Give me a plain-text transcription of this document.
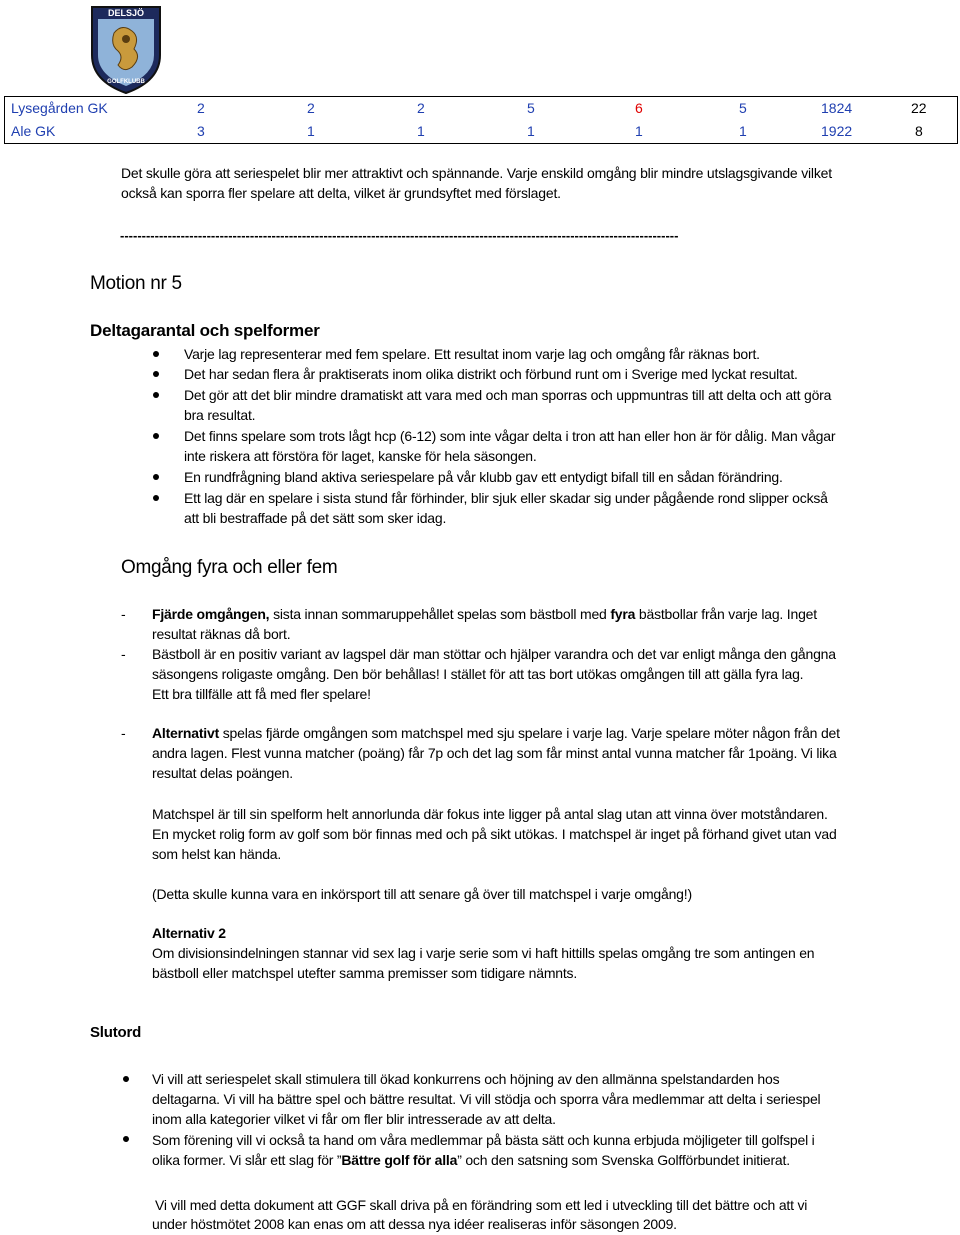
DELSJÖ
GOLFKLUBB
Lysegården GK	2	2	2	5	6	5	1824	22
Ale GK	3	1	1	1	1	1	1922	8
Det skulle göra att seriespelet blir mer attraktivt och spännande. Varje enskild omgång blir mindre utslagsgivande vilket
också kan sporra fler spelare att delta, vilket är grundsyftet med förslaget.
---------------------------------------------------------------------------------------------------------------------------------
Motion nr 5
Deltagarantal och spelformer
Varje lag representerar med fem spelare. Ett resultat inom varje lag och omgång får räknas bort.
Det har sedan flera år praktiserats inom olika distrikt och förbund runt om i Sverige med lyckat resultat.
Det gör att det blir mindre dramatiskt att vara med och man sporras och uppmuntras till att delta och att göra
bra resultat.
Det finns spelare som trots lågt hcp (6-12) som inte vågar delta i tron att han eller hon är för dålig. Man vågar
inte riskera att förstöra för laget, kanske för hela säsongen.
En rundfrågning bland aktiva seriespelare på vår klubb gav ett entydigt bifall till en sådan förändring.
Ett lag där en spelare i sista stund får förhinder, blir sjuk eller skadar sig under pågående rond slipper också
att bli bestraffade på det sätt som sker idag.
Omgång fyra och eller fem
- Fjärde omgången, sista innan sommaruppehållet spelas som bästboll med fyra bästbollar från varje lag. Inget
resultat räknas då bort.
- Bästboll är en positiv variant av lagspel där man stöttar och hjälper varandra och det var enligt många den gångna
säsongens roligaste omgång. Den bör behållas! I stället för att tas bort utökas omgången till att gälla fyra lag.
Ett bra tillfälle att få med fler spelare!
- Alternativt spelas fjärde omgången som matchspel med sju spelare i varje lag. Varje spelare möter någon från det
andra lagen. Flest vunna matcher (poäng) får 7p och det lag som får minst antal vunna matcher får 1poäng. Vi lika
resultat delas poängen.
Matchspel är till sin spelform helt annorlunda där fokus inte ligger på antal slag utan att vinna över motståndaren.
En mycket rolig form av golf som bör finnas med och på sikt utökas. I matchspel är inget på förhand givet utan vad
som helst kan hända.
(Detta skulle kunna vara en inkörsport till att senare gå över till matchspel i varje omgång!)
Alternativ 2
Om divisionsindelningen stannar vid sex lag i varje serie som vi haft hittills spelas omgång tre som antingen en
bästboll eller matchspel utefter samma premisser som tidigare nämnts.
Slutord
Vi vill att seriespelet skall stimulera till ökad konkurrens och höjning av den allmänna spelstandarden hos
deltagarna. Vi vill ha bättre spel och bättre resultat. Vi vill stödja och sporra våra medlemmar att delta i seriespel
inom alla kategorier vilket vi får om fler blir intresserade av att delta.
Som förening vill vi också ta hand om våra medlemmar på bästa sätt och kunna erbjuda möjligeter till golfspel i
olika former. Vi slår ett slag för ”Bättre golf för alla” och den satsning som Svenska Golfförbundet initierat.
Vi vill med detta dokument att GGF skall driva på en förändring som ett led i utveckling till det bättre och att vi
under höstmötet 2008 kan enas om att dessa nya idéer realiseras inför säsongen 2009.
